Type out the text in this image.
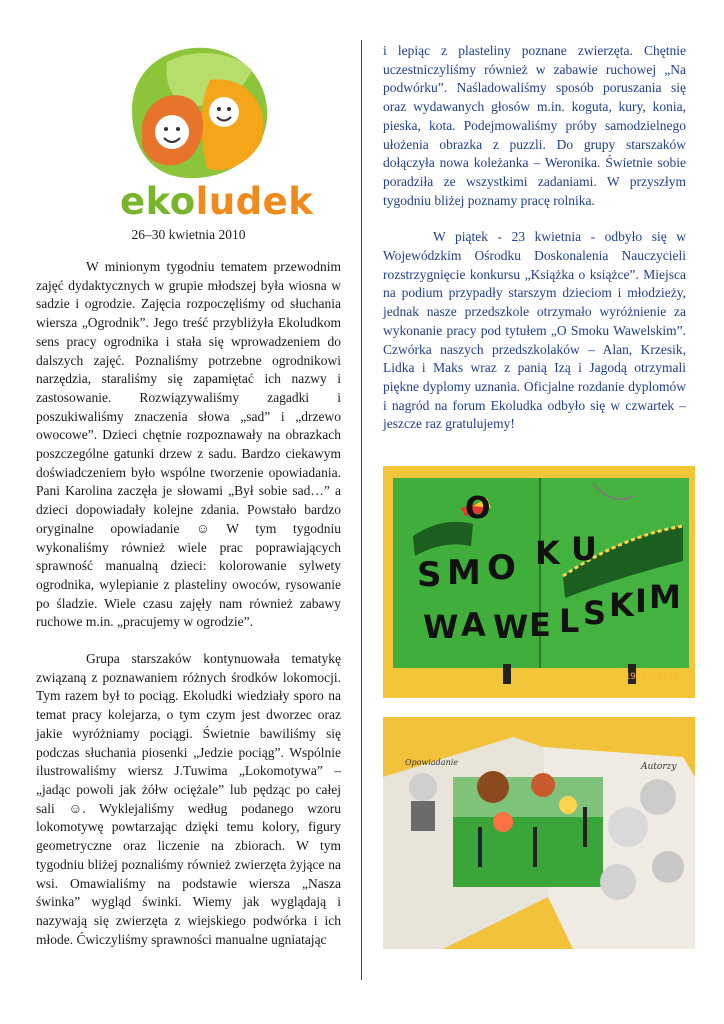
ekoludek
26–30 kwietnia 2010

W minionym tygodniu tematem przewodnim zajęć dydaktycznych w grupie młodszej była wiosna w sadzie i ogrodzie. Zajęcia rozpoczęliśmy od słuchania wiersza „Ogrodnik”. Jego treść przybliżyła Ekoludkom sens pracy ogrodnika i stała się wprowadzeniem do dalszych zajęć. Poznaliśmy potrzebne ogrodnikowi narzędzia, staraliśmy się zapamiętać ich nazwy i zastosowanie. Rozwiązywaliśmy zagadki i poszukiwaliśmy znaczenia słowa „sad” i „drzewo owocowe”. Dzieci chętnie rozpoznawały na obrazkach poszczególne gatunki drzew z sadu. Bardzo ciekawym doświadczeniem było wspólne tworzenie opowiadania. Pani Karolina zaczęła je słowami „Był sobie sad…” a dzieci dopowiadały kolejne zdania. Powstało bardzo oryginalne opowiadanie ☺ W tym tygodniu wykonaliśmy również wiele prac poprawiających sprawność manualną dzieci: kolorowanie sylwety ogrodnika, wylepianie z plasteliny owoców, rysowanie po śladzie. Wiele czasu zajęły nam również zabawy ruchowe m.in. „pracujemy w ogrodzie”.

Grupa starszaków kontynuowała tematykę związaną z poznawaniem różnych środków lokomocji. Tym razem był to pociąg. Ekoludki wiedziały sporo na temat pracy kolejarza, o tym czym jest dworzec oraz jakie wyróżniamy pociągi. Świetnie bawiliśmy się podczas słuchania piosenki „Jedzie pociąg”. Wspólnie ilustrowaliśmy wiersz J.Tuwima „Lokomotywa” – „jadąc powoli jak żółw ociężale” lub pędząc po całej sali ☺. Wyklejaliśmy według podanego wzoru lokomotywę powtarzając dzięki temu kolory, figury geometryczne oraz liczenie na zbiorach. W tym tygodniu bliżej poznaliśmy również zwierzęta żyjące na wsi. Omawialiśmy na podstawie wiersza „Nasza świnka” wygląd świnki. Wiemy jak wyglądają i nazywają się zwierzęta z wiejskiego podwórka i ich młode. Ćwiczyliśmy sprawności manualne ugniatając

i lepiąc z plasteliny poznane zwierzęta. Chętnie uczestniczyliśmy również w zabawie ruchowej „Na podwórku”. Naśladowaliśmy sposób poruszania się oraz wydawanych głosów m.in. koguta, kury, konia, pieska, kota. Podejmowaliśmy próby samodzielnego ułożenia obrazka z puzzli. Do grupy starszaków dołączyła nowa koleżanka – Weronika. Świetnie sobie poradziła ze wszystkimi zadaniami. W przyszłym tygodniu bliżej poznamy pracę rolnika.

W piątek - 23 kwietnia - odbyło się w Wojewódzkim Ośrodku Doskonalenia Nauczycieli rozstrzygnięcie konkursu „Książka o książce”. Miejsca na podium przypadły starszym dzieciom i młodzieży, jednak nasze przedszkole otrzymało wyróżnienie za wykonanie pracy pod tytułem „O Smoku Wawelskim”. Czwórka naszych przedszkolaków – Alan, Krzesik, Lidka i Maks wraz z panią Izą i Jagodą otrzymali piękne dyplomy uznania. Oficjalne rozdanie dyplomów i nagród na forum Ekoludka odbyło się w czwartek – jeszcze raz gratulujemy!

O
S M O K U
W A W E L S K I M
19/03/2010
Opowiadanie	Autorzy
